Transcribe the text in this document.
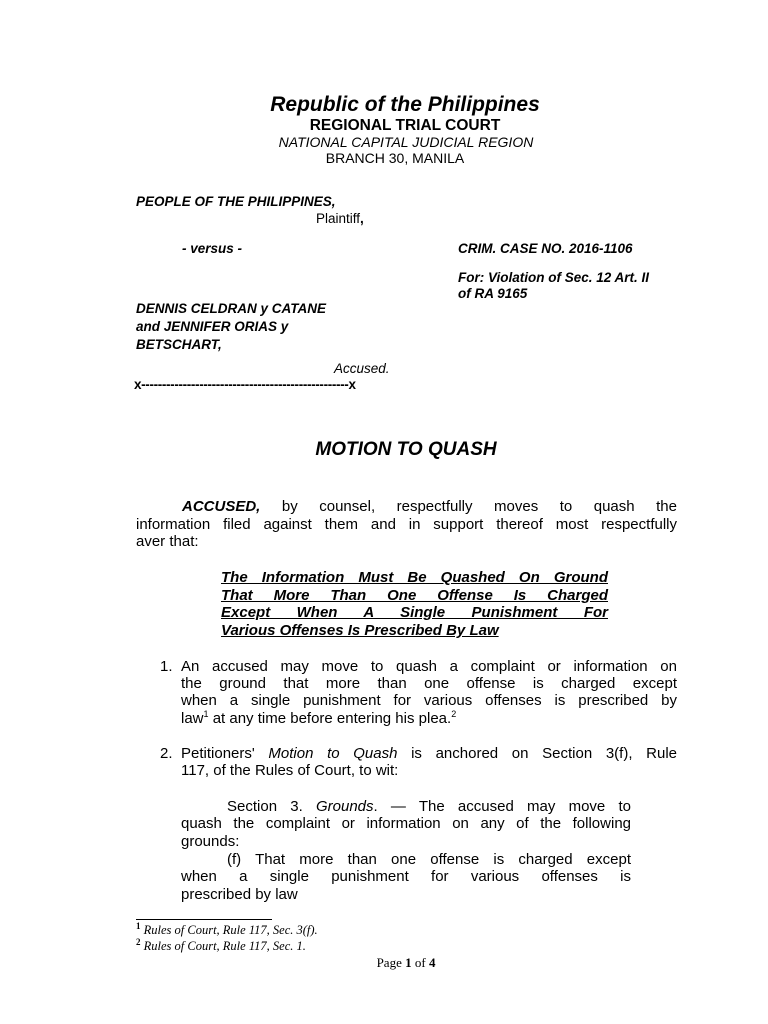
Republic of the Philippines
REGIONAL TRIAL COURT
NATIONAL CAPITAL JUDICIAL REGION
BRANCH 30, MANILA
PEOPLE OF THE PHILIPPINES,
Plaintiff,
- versus -	CRIM. CASE NO. 2016-1106
For: Violation of Sec. 12 Art. II
of RA 9165
DENNIS CELDRAN y CATANE
and JENNIFER ORIAS y
BETSCHART,
Accused.
x--------------------------------------------------x
MOTION TO QUASH
ACCUSED, by counsel, respectfully moves to quash the
information filed against them and in support thereof most respectfully
aver that:
The Information Must Be Quashed On Ground
That More Than One Offense Is Charged
Except When A Single Punishment For
Various Offenses Is Prescribed By Law
1. An accused may move to quash a complaint or information on
the ground that more than one offense is charged except
when a single punishment for various offenses is prescribed by
law$^1$ at any time before entering his plea.$^2$
2. Petitioners' Motion to Quash is anchored on Section 3(f), Rule
117, of the Rules of Court, to wit:
Section 3. Grounds. — The accused may move to
quash the complaint or information on any of the following
grounds:
(f) That more than one offense is charged except
when a single punishment for various offenses is
prescribed by law
$^1$ Rules of Court, Rule 117, Sec. 3(f).
$^2$ Rules of Court, Rule 117, Sec. 1.
Page 1 of 4
